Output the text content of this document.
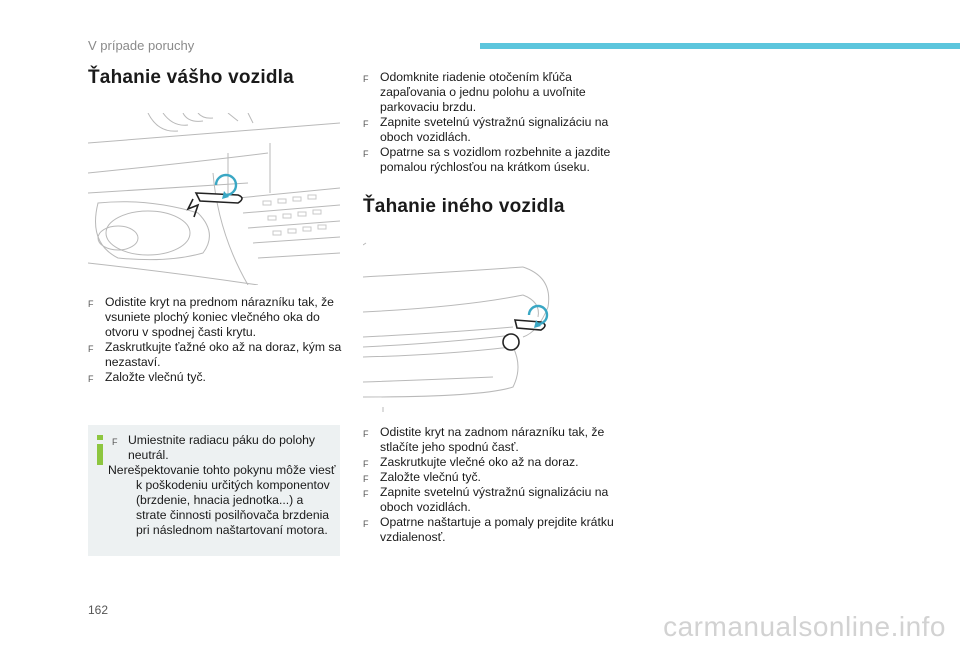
V prípade poruchy
Ťahanie vášho vozidla
F Odistite kryt na prednom nárazníku tak, že vsuniete plochý koniec vlečného oka do otvoru v spodnej časti krytu.
F Zaskrutkujte ťažné oko až na doraz, kým sa nezastaví.
F Založte vlečnú tyč.
F Umiestnite radiacu páku do polohy neutrál.
Nerešpektovanie tohto pokynu môže viesť k poškodeniu určitých komponentov (brzdenie, hnacia jednotka...) a strate činnosti posilňovača brzdenia pri následnom naštartovaní motora.
F Odomknite riadenie otočením kľúča zapaľovania o jednu polohu a uvoľnite parkovaciu brzdu.
F Zapnite svetelnú výstražnú signalizáciu na oboch vozidlách.
F Opatrne sa s vozidlom rozbehnite a jazdite pomalou rýchlosťou na krátkom úseku.
Ťahanie iného vozidla
F Odistite kryt na zadnom nárazníku tak, že stlačíte jeho spodnú časť.
F Zaskrutkujte vlečné oko až na doraz.
F Založte vlečnú tyč.
F Zapnite svetelnú výstražnú signalizáciu na oboch vozidlách.
F Opatrne naštartuje a pomaly prejdite krátku vzdialenosť.
162
carmanualsonline.info
